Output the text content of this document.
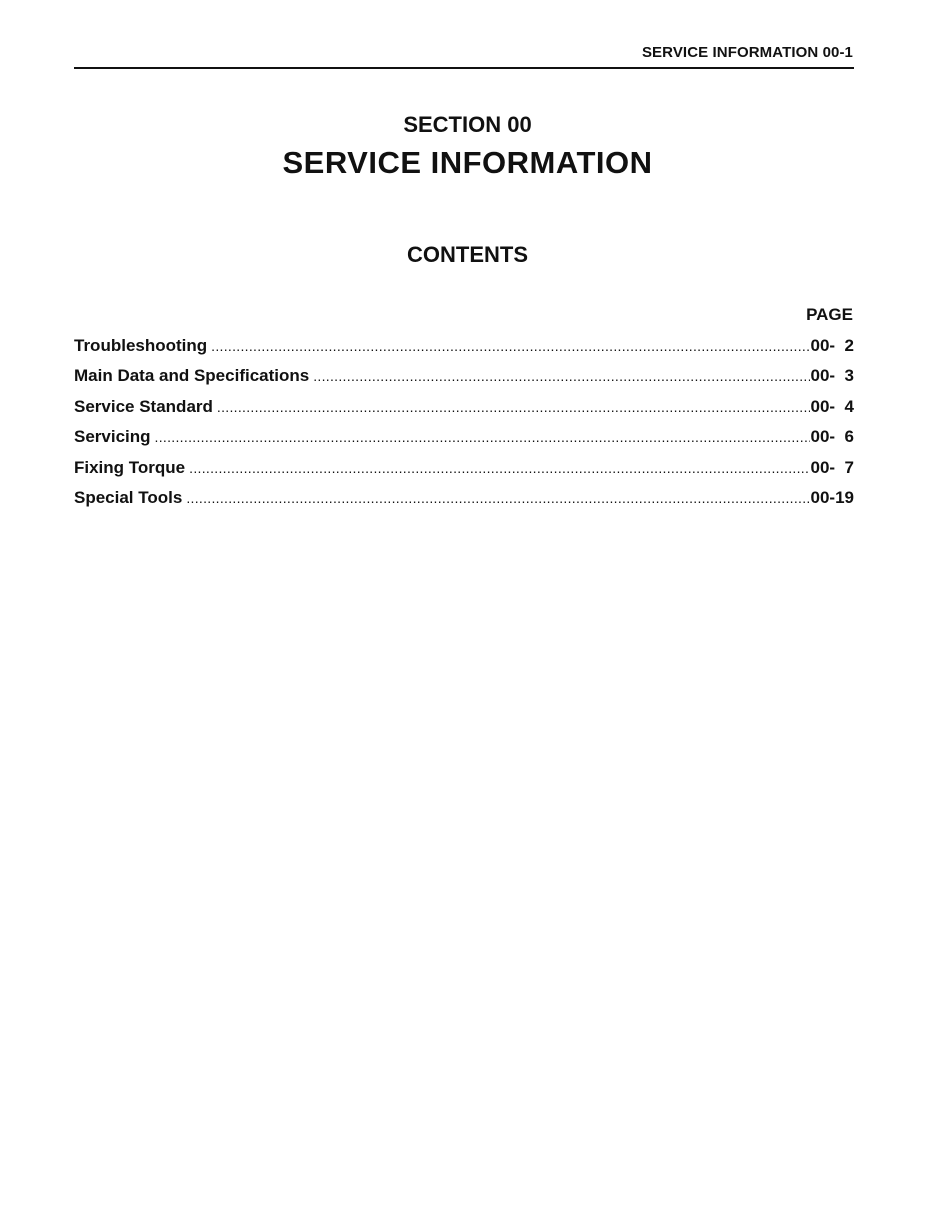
SERVICE INFORMATION 00-1
SECTION 00
SERVICE INFORMATION
CONTENTS
PAGE
Troubleshooting .....	00-  2
Main Data and Specifications .....	00-  3
Service Standard .....	00-  4
Servicing .....	00-  6
Fixing Torque .....	00-  7
Special Tools .....	00-19
